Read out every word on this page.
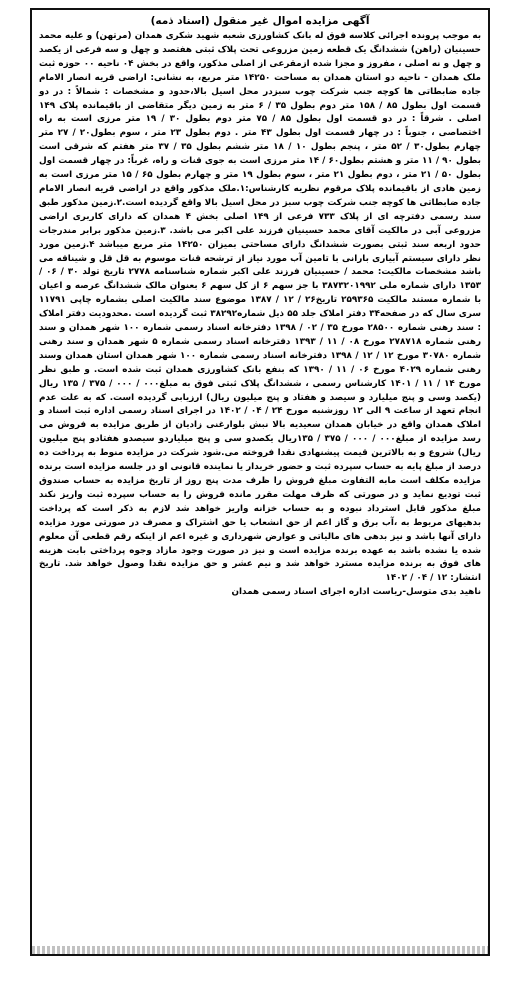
آگهی مزایده اموال غیر منقول (اسناد ذمه)

به موجب پرونده اجرائی کلاسه فوق له بانک کشاورزی شعبه شهید شکری همدان (مرتهن) و علیه محمد حسینیان (راهن) ششدانگ یک قطعه زمین مزروعی تحت پلاک ثبتی هفتصد و چهل و سه فرعی از یکصد و چهل و نه اصلی ، مفروز و مجزا شده ازمقرعی از اصلی مذکور، واقع در بخش ۰۴ ناحیه ۰۰ حوزه ثبت ملک همدان - ناحیه دو استان همدان به مساحت ۱۴۲۵۰ متر مربع، به نشانی: اراضی قریه انصار الامام جاده ضابطاتی ها کوچه جنب شرکت چوب سبزدر محل اسیل بالا،حدود و مشخصات : شمالاً : در دو قسمت اول بطول ۸۵ / ۱۵۸ متر دوم بطول ۳۵ / ۶ متر به زمین دیگر متقاضی از باقیمانده پلاک ۱۴۹ اصلی . شرقاً : در دو قسمت اول بطول ۸۵ / ۷۵ متر دوم بطول ۳۰ / ۱۹ متر مرزی است به راه اختصاصی ، جنوباً : در چهار قسمت اول بطول ۴۳ متر . دوم بطول ۲۳ متر ، سوم بطول۲۰ / ۲۷ متر چهارم بطول۳۰ / ۵۲ متر ، پنجم بطول ۱۰ / ۱۸ متر ششم بطول ۳۵ / ۳۷ متر هفتم که شرقی است بطول ۹۰ / ۱۱ متر و هشتم بطول۶۰ / ۱۴ متر مرزی است به جوی قنات و راه، غرباً: در چهار قسمت اول بطول ۵۰ / ۲۱ متر ، دوم بطول ۲۱ متر ، سوم بطول ۱۹ متر و چهارم بطول ۶۵ / ۱۵ متر مرزی است به زمین هادی از باقیمانده پلاک مرقوم نظریه کارشناس:۱.ملک مذکور واقع در اراضی قریه انصار الامام جاده ضابطاتی ها کوچه جنب شرکت چوب سبز در محل اسیل بالا واقع گردیده است.۲.زمین مذکور طبق سند رسمی دفترچه ای از پلاک ۷۳۳ فرعی از ۱۴۹ اصلی بخش ۴ همدان که دارای کاربری اراضی مزروعی آبی در مالکیت آقای محمد حسینیان فرزند علی اکبر می باشد. ۳.زمین مذکور برابر مندرجات حدود اربعه سند ثبتی بصورت ششدانگ دارای مساحتی بمیزان ۱۴۲۵۰ متر مربع میباشد ۴.زمین مورد نظر دارای سیستم آبیاری بارانی با تامین آب مورد نیاز از ترشحه قنات موسوم به قل قل و شیناقه می باشد مشخصات مالکیت: محمد / حسینیان فرزند علی اکبر شماره شناسنامه ۲۷۷۸ تاریخ تولد ۳۰ / ۰۶ / ۱۳۵۳ دارای شماره ملی ۳۸۷۳۲۰۱۹۹۲ با جز سهم ۶ از کل سهم ۶ بعنوان مالک ششدانگ عرصه و اعیان با شماره مستند مالکیت ۲۵۹۳۶۵ تاریخ۲۶ / ۱۲ / ۱۳۸۷ موضوع سند مالکیت اصلی بشماره چاپی ۱۱۷۹۱ سری سال که در صفحه۳۴ دفتر املاک جلد ۵۵ ذیل شماره۳۸۲۹۲ ثبت گردیده است .محدودیت دفتر املاک : سند رهنی شماره ۲۸۵۰۰ مورخ ۳۵ / ۰۲ / ۱۳۹۸ دفترخانه اسناد رسمی شماره ۱۰۰ شهر همدان و سند رهنی شماره ۲۷۸۷۱۸ مورخ ۰۸ / ۱۱ / ۱۳۹۳ دفترخانه اسناد رسمی شماره ۵ شهر همدان و سند رهنی شماره ۳۰۷۸۰ مورخ ۱۲ / ۱۲ / ۱۳۹۸ دفترخانه اسناد رسمی شماره ۱۰۰ شهر همدان استان همدان وسند رهنی شماره ۴۰۲۹ مورخ ۰۶ / ۱۱ / ۱۳۹۰ که بنفع بانک کشاورزی همدان ثبت شده است. و طبق نظر مورخ ۱۴ / ۱۱ / ۱۴۰۱ کارشناس رسمی ، ششدانگ پلاک ثبتی فوق به مبلغ۰۰۰ / ۰۰۰ / ۳۷۵ / ۱۳۵ ریال (یکصد وسی و پنج میلیارد و سیصد و هفتاد و پنج میلیون ریال) ارزیابی گردیده است. که به علت عدم انجام تعهد از ساعت ۹ الی ۱۲ روزشنبه مورخ ۲۴ / ۰۴ / ۱۴۰۲ در اجرای اسناد رسمی اداره ثبت اسناد و املاک همدان واقع در خیابان همدان سعیدیه بالا نبش بلوارغنی زادیان از طریق مزایده به فروش می رسد مزایده از مبلغ۰۰۰ / ۰۰۰ / ۳۷۵ / ۱۳۵ریال یکصدو سی و پنج میلیاردو سیصدو هفتادو پنج میلیون ریال) شروع و به بالاترین قیمت پیشنهادی نقدا فروخته می.شود شرکت در مزایده منوط به پرداخت ده درصد از مبلغ پایه به حساب سپرده ثبت و حضور خریدار یا نماینده قانونی او در جلسه مزایده است برنده مزایده مکلف است مابه التفاوت مبلغ فروش را ظرف مدت پنج روز از تاریخ مزایده به حساب صندوق ثبت تودیع نماید و در صورتی که ظرف مهلت مقرر مانده فروش را به حساب سپرده ثبت واریز نکند مبلغ مذکور قابل استرداد نبوده و به حساب خزانه واریز خواهد شد لازم به ذکر است که پرداخت بدهیهای مربوط به ،آب برق و گاز اعم از حق انشعاب یا حق اشتراک و مصرف در صورتی مورد مزایده دارای آنها باشد و نیز بدهی های مالیاتی و عوارض شهرداری و غیره اعم از اینکه رقم قطعی آن معلوم شده یا نشده باشد به عهده برنده مزایده است و نیز در صورت وجود مازاد وجوه پرداختی بابت هزینه های فوق به برنده مزایده مسترد خواهد شد و نیم عشر و حق مزایده نقدا وصول خواهد شد. تاریخ انتشار: ۱۲ / ۰۴ / ۱۴۰۲

ناهید بدی متوسل-ریاست اداره اجرای اسناد رسمی همدان
